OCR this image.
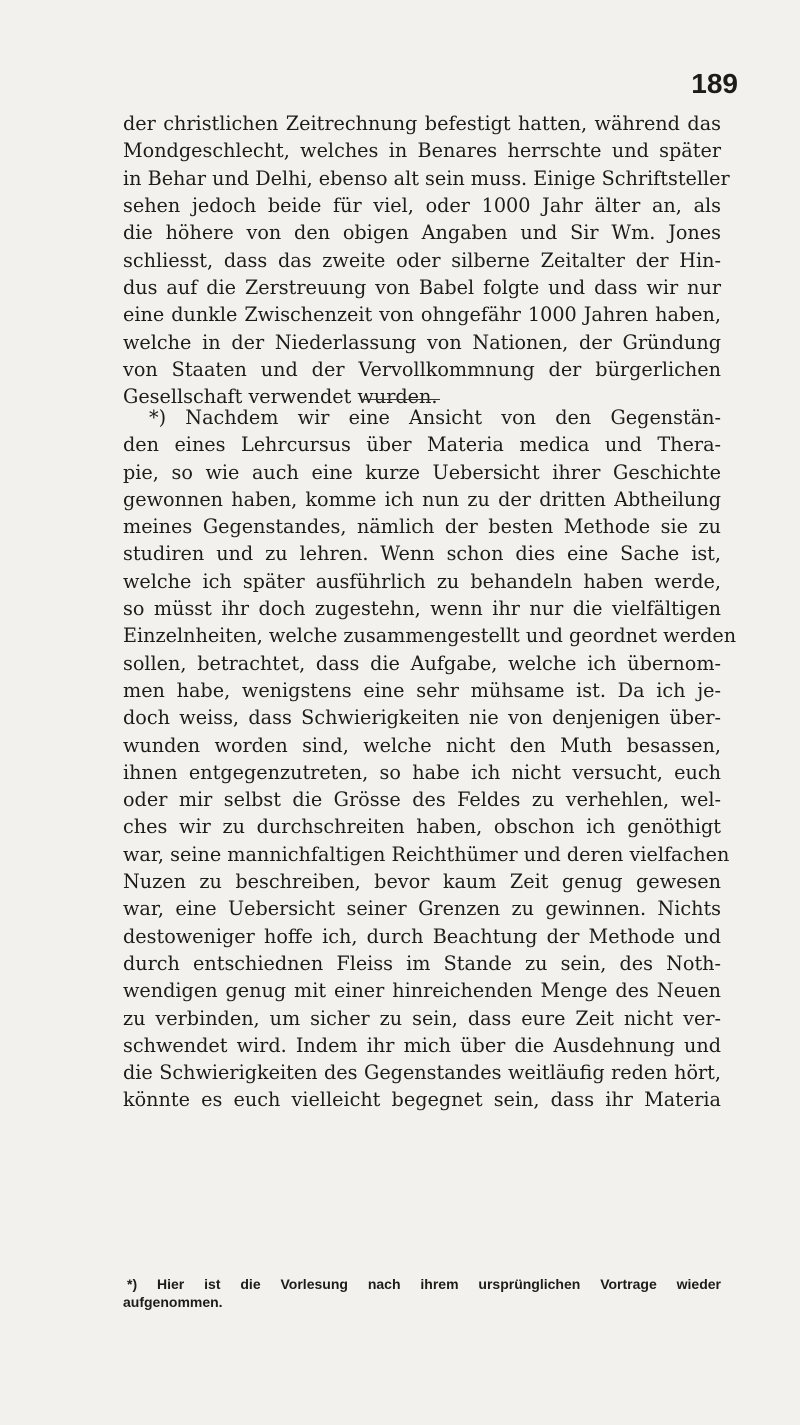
189
der christlichen Zeitrechnung befestigt hatten, während das
Mondgeschlecht, welches in Benares herrschte und später
in Behar und Delhi, ebenso alt sein muss. Einige Schriftsteller
sehen jedoch beide für viel, oder 1000 Jahr älter an, als
die höhere von den obigen Angaben und Sir Wm. Jones
schliesst, dass das zweite oder silberne Zeitalter der Hin-
dus auf die Zerstreuung von Babel folgte und dass wir nur
eine dunkle Zwischenzeit von ohngefähr 1000 Jahren haben,
welche in der Niederlassung von Nationen, der Gründung
von Staaten und der Vervollkommnung der bürgerlichen
Gesellschaft verwendet wurden.
*) Nachdem wir eine Ansicht von den Gegenstän-
den eines Lehrcursus über Materia medica und Thera-
pie, so wie auch eine kurze Uebersicht ihrer Geschichte
gewonnen haben, komme ich nun zu der dritten Abtheilung
meines Gegenstandes, nämlich der besten Methode sie zu
studiren und zu lehren. Wenn schon dies eine Sache ist,
welche ich später ausführlich zu behandeln haben werde,
so müsst ihr doch zugestehn, wenn ihr nur die vielfältigen
Einzelnheiten, welche zusammengestellt und geordnet werden
sollen, betrachtet, dass die Aufgabe, welche ich übernom-
men habe, wenigstens eine sehr mühsame ist. Da ich je-
doch weiss, dass Schwierigkeiten nie von denjenigen über-
wunden worden sind, welche nicht den Muth besassen,
ihnen entgegenzutreten, so habe ich nicht versucht, euch
oder mir selbst die Grösse des Feldes zu verhehlen, wel-
ches wir zu durchschreiten haben, obschon ich genöthigt
war, seine mannichfaltigen Reichthümer und deren vielfachen
Nuzen zu beschreiben, bevor kaum Zeit genug gewesen
war, eine Uebersicht seiner Grenzen zu gewinnen. Nichts
destoweniger hoffe ich, durch Beachtung der Methode und
durch entschiednen Fleiss im Stande zu sein, des Noth-
wendigen genug mit einer hinreichenden Menge des Neuen
zu verbinden, um sicher zu sein, dass eure Zeit nicht ver-
schwendet wird. Indem ihr mich über die Ausdehnung und
die Schwierigkeiten des Gegenstandes weitläufig reden hört,
könnte es euch vielleicht begegnet sein, dass ihr Materia
*) Hier ist die Vorlesung nach ihrem ursprünglichen Vortrage wieder
aufgenommen.
